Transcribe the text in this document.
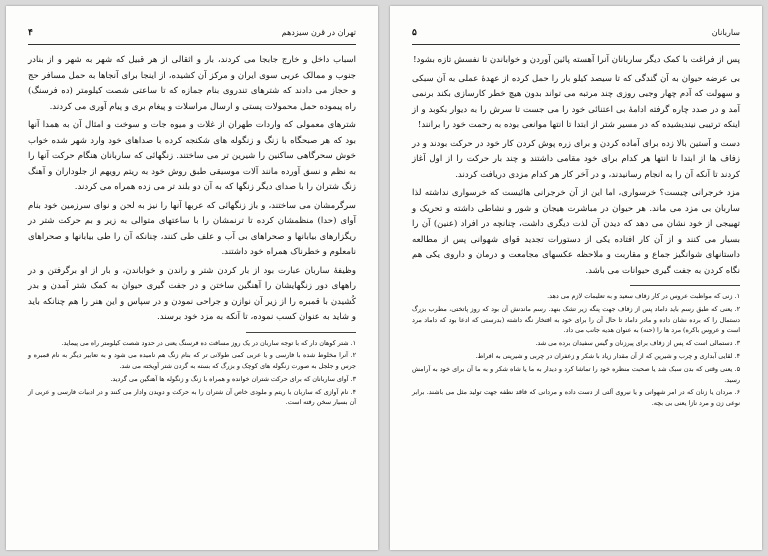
تهران در قرن سیزدهم
۴

اسباب داخل و خارج جابجا می کردند، بار و اثقالی از هر قبیل که شهر به شهر و از بنادر جنوب و ممالک عربی سوی ایران و مرکز آن کشیده، از اینجا برای آنجاها به حمل مسافر حج و حجاز می دادند که شترهای تندروی بنام جمازه که تا ساعتی شصت کیلومتر (ده فرسنگ) راه پیموده حمل محمولات پستی و ارسال مراسلات و پیغام بری و پیام آوری می کردند.

شترهای معمولی که واردات طهران از غلات و میوه جات و سوخت و امثال آن به همدا آنها بود که هر صبحگاه با زنگ و زنگوله های شکنجه کرده با صداهای خود وارد شهر شده خواب خوش سحرگاهی ساکنین را شیرین تر می ساختند. زنگهائی که ساربانان هنگام حرکت آنها را به نظم و نسق آورده مانند آلات موسیقی طبق روش خود به ریتم رویهم از جلوداران و آهنگ زنگ شتران را با صدای دیگر زنگها که به آن دو بلند تر می زده همراه می کردند.

سرگرمشان می ساختند، و باز زنگهائی که عربها آنها را نیز به لحن و نوای سرزمین خود بنام آوای (حدا) منظمشان کرده تا ترنمشان را با ساعتهای متوالی به زیر و بم حرکت شتر در ریگزارهای بیابانها و صحراهای بی آب و علف طی کنند، چنانکه آن را طی بیابانها و صحراهای نامعلوم و خطرناک همراه خود داشتند.

وظیفهٔ ساربان عبارت بود از بار کردن شتر و راندن و خواباندن، و بار از او برگرفتن و در راههای دور زنگهایشان را آهنگین ساختن و در جفت گیری حیوان به کمک شتر آمدن و بدر کُشیدن با قمبره را از زیر آن نوازن و جراحی نمودن و در سپاس و این هنر را هم چنانکه باید و شاید به عنوان کسب نموده، تا آنکه به مزد خود برسند.

۱. شتر کوهان دار که با توجه ساربان در یک روز مسافت ده فرسنگ یعنی در حدود شصت کیلومتر راه می پیماید.

۲. آنرا مخلوط شده با فارسی و یا عربی کمی طولانی تر که بنام زنگ هم نامیده می شود و به تعابیر دیگر به نام قمبره و جرس و جلجل به صورت زنگوله های کوچک و بزرگ که بسته به گردن شتر آویخته می شد.

۳. آوای ساربانان که برای حرکت شتران خوانده و همراه با زنگ و زنگوله ها آهنگین می گردید.

۴. نام آوازی که ساربان با ریتم و ملودی خاص آن شتران را به حرکت و دویدن وادار می کنند و در ادبیات فارسی و عربی از آن بسیار سخن رفته است.

ساربانان
۵

پس از فراغت با کمک دیگر ساربانان آنرا آهسته پائین آوردن و خواباندن تا نفسش تازه بشود!

بی عرضه حیوان به آن گندگی که تا سیصد کیلو بار را حمل کرده از عهدهٔ عملی به آن سبکی و سهولت که آدم چهار وجبی روزی چند مرتبه می تواند بدون هیچ خطر کارسازی بکند برنمی آمد و در صدد چاره گرفته ادامهٔ بی اعتنائی خود را می جست تا سرش را به دیوار بکوبد و از اینکه ترتیبی نیندیشیده که در مسیر شتر از ابتدا تا انتها موانعی بوده به رحمت خود را برانند!

دست و آستین بالا زده برای آماده کردن و برای زره پوش کردن کار خود در حرکت بودند و در زفاف ها از ابتدا تا انتها هر کدام برای خود مقامی داشتند و چند بار حرکت را از اول آغاز کردند تا آنکه آن را به انجام رسانیدند، و در آخر کار هر کدام مزدی دریافت کردند.

مزد خرجرانی چیست؟ خرسواری، اما این از آن خرجرانی هائیست که خرسواری نداشته لذا ساربان بی مزد می ماند. هر حیوان در مباشرت هیجان و شور و نشاطی داشته و تحریک و تهییجی از خود نشان می دهد که دیدن آن لذت دیگری داشت، چنانچه در افراد (عنین) آن را بسیار می کنند و از آن کار افتاده یکی از دستورات تجدید قوای شهوانی پس از مطالعه داستانهای شوانگیز جماع و مقاربت و ملاحظه عکسهای مجامعت و درمان و داروی یکی هم نگاه کردن به جفت گیری حیوانات می باشد.

۱. زنی که مواظبت عروس در کار زفاف سعید و به تعلیمات لازم می دهد.

۲. یعنی که طبق رسم باید داماد پس از زفاف جهت پنگه زیر تشک بنهد. رسم ماندنش آن بود که روز پاتختی، مطرب بزرگ دستمال را که برده نشان داده و مادر داماد تا حال آن را برای خود به افتخار نگه داشته (بدرستی که ادعا بود که داماد مرد است و عروس باکره) مرد ها را (حنه) به عنوان هدیه جانب می داد.

۳. دستمالی است که پس از زفاف برای پیرزنان و گیس سفیدان برده می شد.

۴. لقایی آبداری و چرب و شیرین که از آن مقدار زیاد با شکر و زعفران در چربی و شیرینی به افراط.

۵. یعنی وقتی که بدن سبک شد یا صحبت منظره خود را تماشا کرد و دیدار به ما یا شاه شکر و به ما آن برای خود به آرامش رسید.

۶. مردان یا زنان که در امر شهوانی و یا نیروی آلتی از دست داده و مردانی که فاقد نطفه جهت تولید مثل می باشند. برابر نوعی زن و مرد نازا یعنی بی بچه.
